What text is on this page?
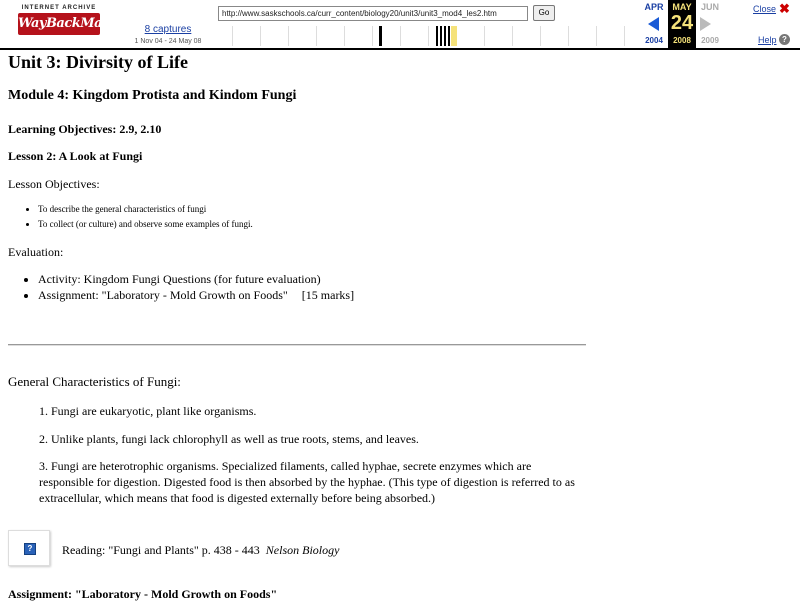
INTERNET ARCHIVE
WayBackMachine 8 captures
1 Nov 04 - 24 May 08
http://www.saskschools.ca/curr_content/biology20/unit3/unit3_mod4_les2.htm
Go
MAY
APR	JUN
24
2004	2008	2009
Close ✖
Help ?
Unit 3: Divirsity of Life
Module 4: Kingdom Protista and Kindom Fungi
Learning Objectives: 2.9, 2.10
Lesson 2: A Look at Fungi
Lesson Objectives:
• To describe the general characteristics of fungi
• To collect (or culture) and observe some examples of fungi.
Evaluation:
• Activity: Kingdom Fungi Questions (for future evaluation)
• Assignment: "Laboratory - Mold Growth on Foods" [15 marks]
General Characteristics of Fungi:
1. Fungi are eukaryotic, plant like organisms.
2. Unlike plants, fungi lack chlorophyll as well as true roots, stems, and leaves.
3. Fungi are heterotrophic organisms. Specialized filaments, called hyphae, secrete enzymes which are responsible for digestion. Digested food is then absorbed by the hyphae. (This type of digestion is referred to as extracellular, which means that food is digested externally before being absorbed.)
? Reading: "Fungi and Plants" p. 438 - 443 Nelson Biology
Assignment: "Laboratory - Mold Growth on Foods"
